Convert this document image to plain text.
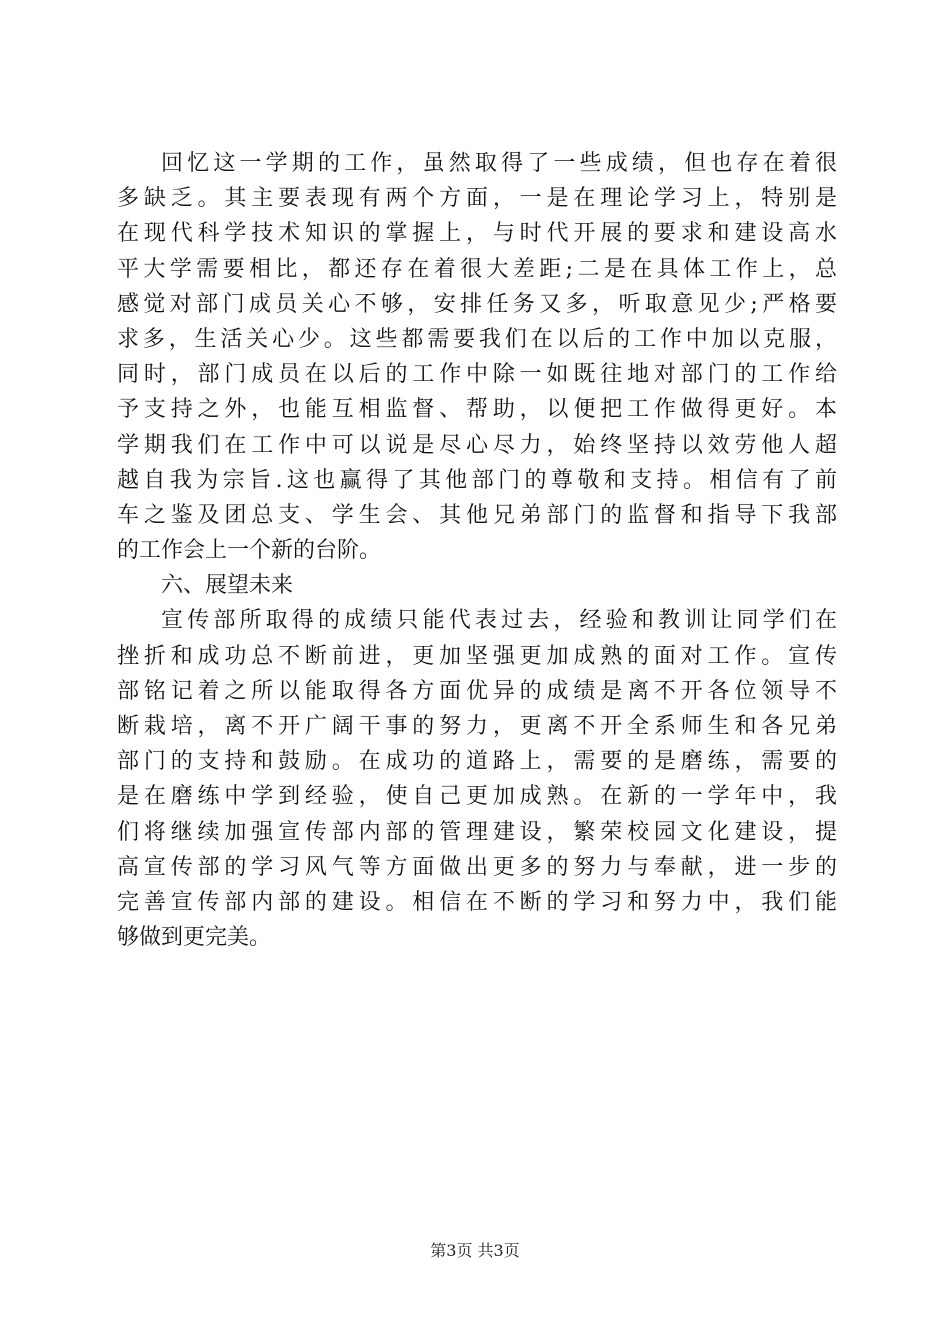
回忆这一学期的工作，虽然取得了一些成绩，但也存在着很
多缺乏。其主要表现有两个方面，一是在理论学习上，特别是
在现代科学技术知识的掌握上，与时代开展的要求和建设高水
平大学需要相比，都还存在着很大差距;二是在具体工作上，总
感觉对部门成员关心不够，安排任务又多，听取意见少;严格要
求多，生活关心少。这些都需要我们在以后的工作中加以克服，
同时，部门成员在以后的工作中除一如既往地对部门的工作给
予支持之外，也能互相监督、帮助，以便把工作做得更好。本
学期我们在工作中可以说是尽心尽力，始终坚持以效劳他人超
越自我为宗旨.这也赢得了其他部门的尊敬和支持。相信有了前
车之鉴及团总支、学生会、其他兄弟部门的监督和指导下我部
的工作会上一个新的台阶。
六、展望未来
宣传部所取得的成绩只能代表过去，经验和教训让同学们在
挫折和成功总不断前进，更加坚强更加成熟的面对工作。宣传
部铭记着之所以能取得各方面优异的成绩是离不开各位领导不
断栽培，离不开广阔干事的努力，更离不开全系师生和各兄弟
部门的支持和鼓励。在成功的道路上，需要的是磨练，需要的
是在磨练中学到经验，使自己更加成熟。在新的一学年中，我
们将继续加强宣传部内部的管理建设，繁荣校园文化建设，提
高宣传部的学习风气等方面做出更多的努力与奉献，进一步的
完善宣传部内部的建设。相信在不断的学习和努力中，我们能
够做到更完美。
第3页 共3页
